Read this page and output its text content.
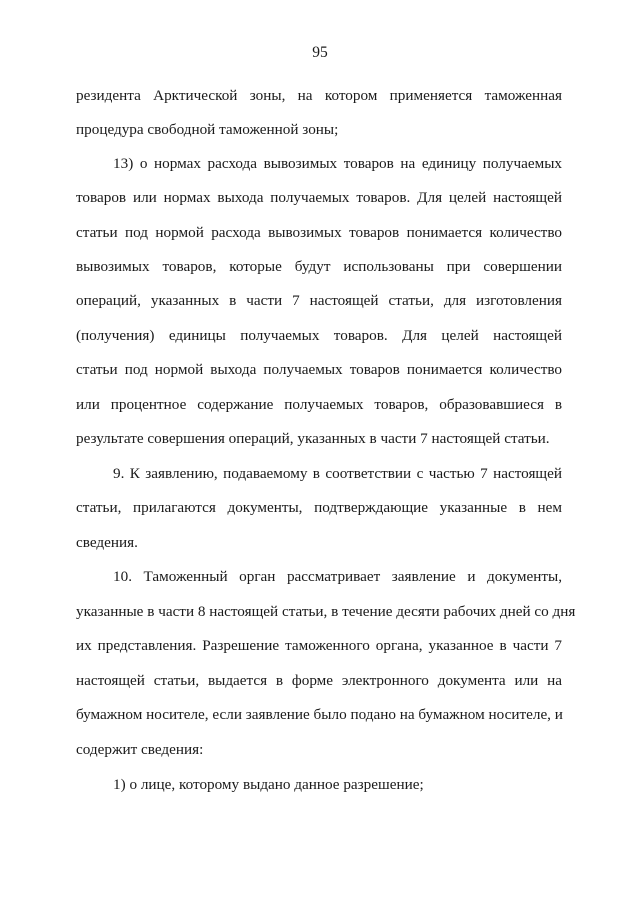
95
резидента Арктической зоны, на котором применяется таможенная
процедура свободной таможенной зоны;
13) о нормах расхода вывозимых товаров на единицу получаемых
товаров или нормах выхода получаемых товаров. Для целей настоящей
статьи под нормой расхода вывозимых товаров понимается количество
вывозимых товаров, которые будут использованы при совершении
операций, указанных в части 7 настоящей статьи, для изготовления
(получения) единицы получаемых товаров. Для целей настоящей
статьи под нормой выхода получаемых товаров понимается количество
или процентное содержание получаемых товаров, образовавшиеся в
результате совершения операций, указанных в части 7 настоящей статьи.
9. К заявлению, подаваемому в соответствии с частью 7 настоящей
статьи, прилагаются документы, подтверждающие указанные в нем
сведения.
10. Таможенный орган рассматривает заявление и документы,
указанные в части 8 настоящей статьи, в течение десяти рабочих дней со дня
их представления. Разрешение таможенного органа, указанное в части 7
настоящей статьи, выдается в форме электронного документа или на
бумажном носителе, если заявление было подано на бумажном носителе, и
содержит сведения:
1) о лице, которому выдано данное разрешение;
